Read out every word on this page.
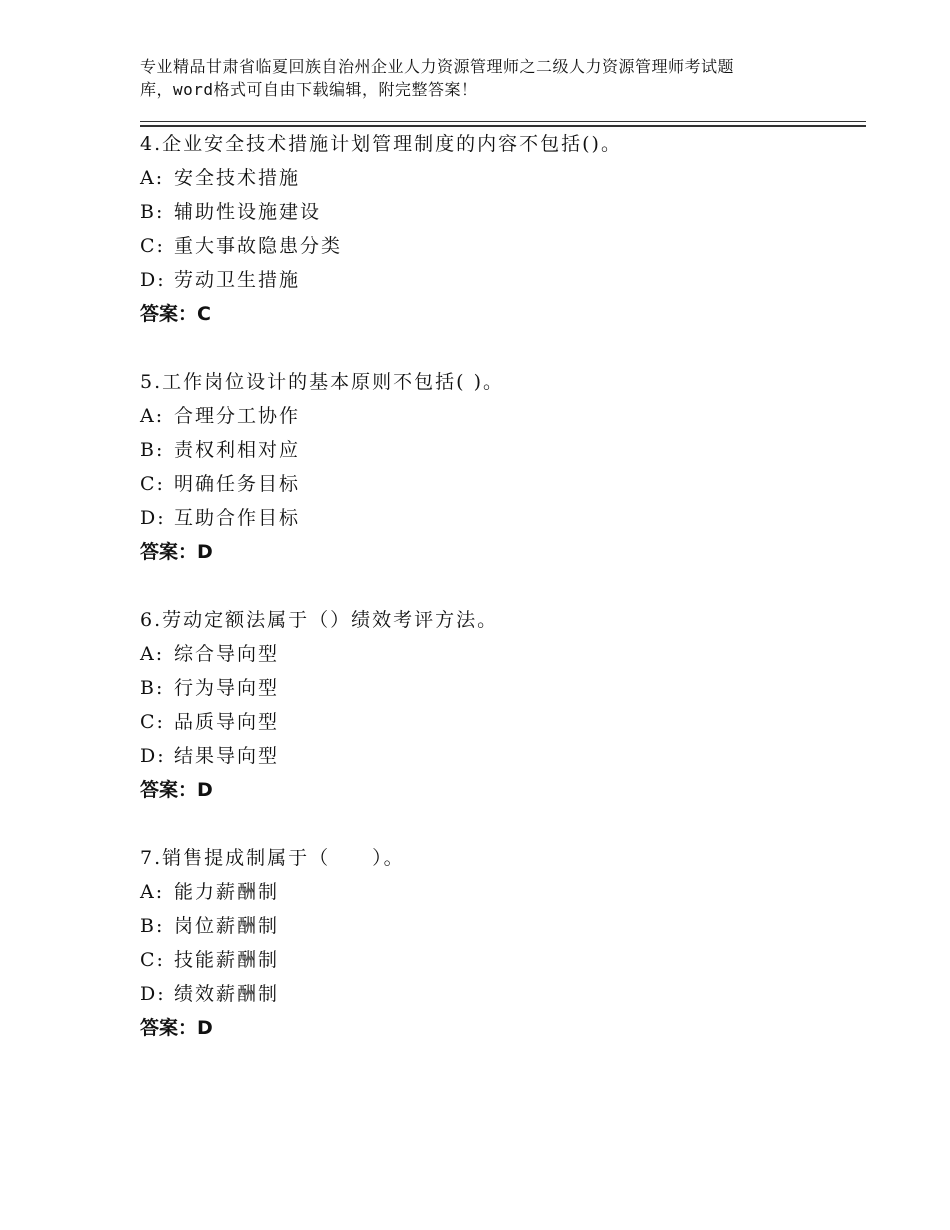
专业精品甘肃省临夏回族自治州企业人力资源管理师之二级人力资源管理师考试题
库，word格式可自由下载编辑，附完整答案！
4.企业安全技术措施计划管理制度的内容不包括()。
A: 安全技术措施
B: 辅助性设施建设
C: 重大事故隐患分类
D: 劳动卫生措施
答案：C
5.工作岗位设计的基本原则不包括( )。
A: 合理分工协作
B: 责权利相对应
C: 明确任务目标
D: 互助合作目标
答案：D
6.劳动定额法属于（）绩效考评方法。
A: 综合导向型
B: 行为导向型
C: 品质导向型
D: 结果导向型
答案：D
7.销售提成制属于（　　）。
A: 能力薪酬制
B: 岗位薪酬制
C: 技能薪酬制
D: 绩效薪酬制
答案：D
